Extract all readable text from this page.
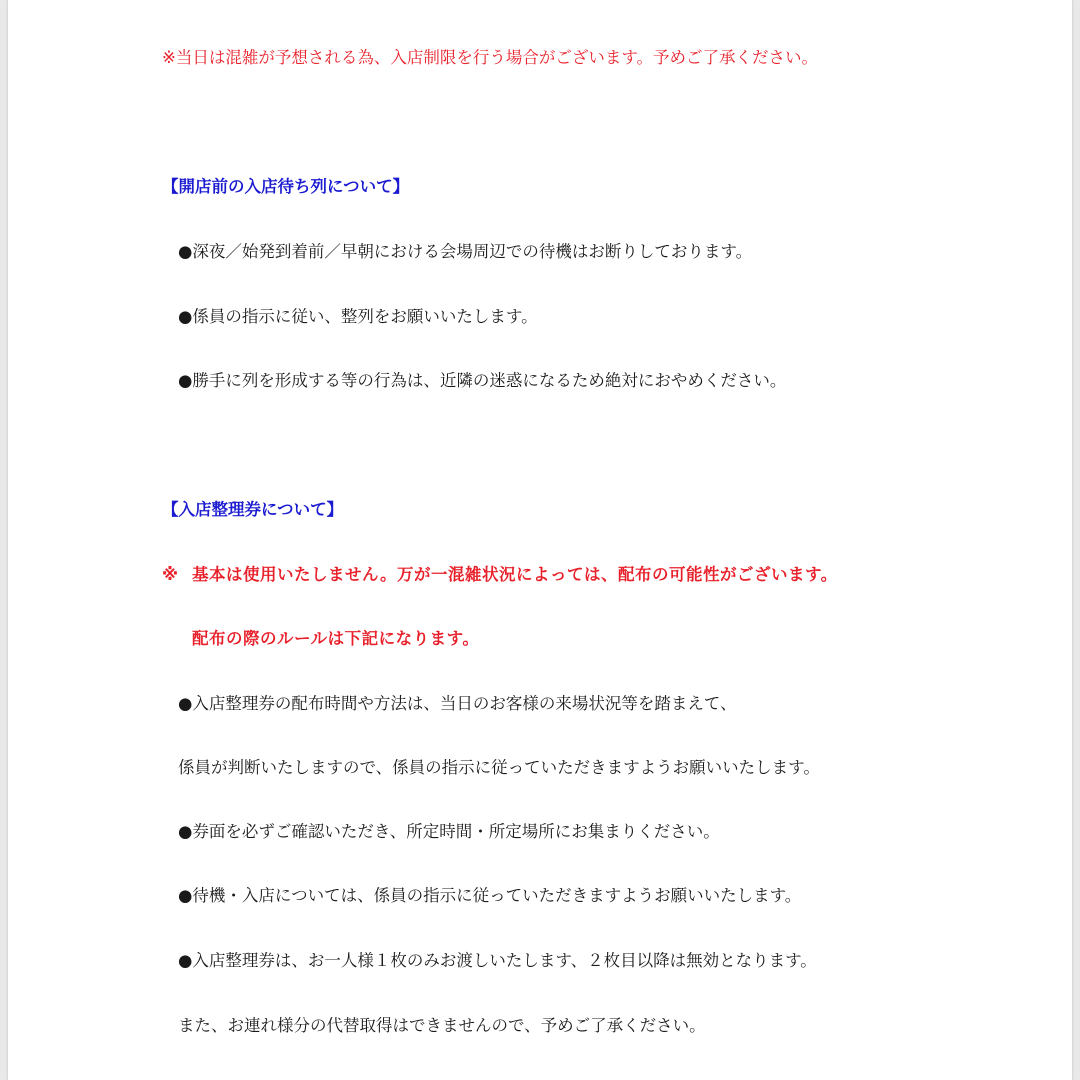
※当日は混雑が予想される為、入店制限を行う場合がございます。予めご了承ください。
【開店前の入店待ち列について】
●深夜／始発到着前／早朝における会場周辺での待機はお断りしております。
●係員の指示に従い、整列をお願いいたします。
●勝手に列を形成する等の行為は、近隣の迷惑になるため絶対におやめください。
【入店整理券について】
※ 基本は使用いたしません。万が一混雑状況によっては、配布の可能性がございます。
配布の際のルールは下記になります。
●入店整理券の配布時間や方法は、当日のお客様の来場状況等を踏まえて、
係員が判断いたしますので、係員の指示に従っていただきますようお願いいたします。
●券面を必ずご確認いただき、所定時間・所定場所にお集まりください。
●待機・入店については、係員の指示に従っていただきますようお願いいたします。
●入店整理券は、お一人様１枚のみお渡しいたします、２枚目以降は無効となります。
また、お連れ様分の代替取得はできませんので、予めご了承ください。
